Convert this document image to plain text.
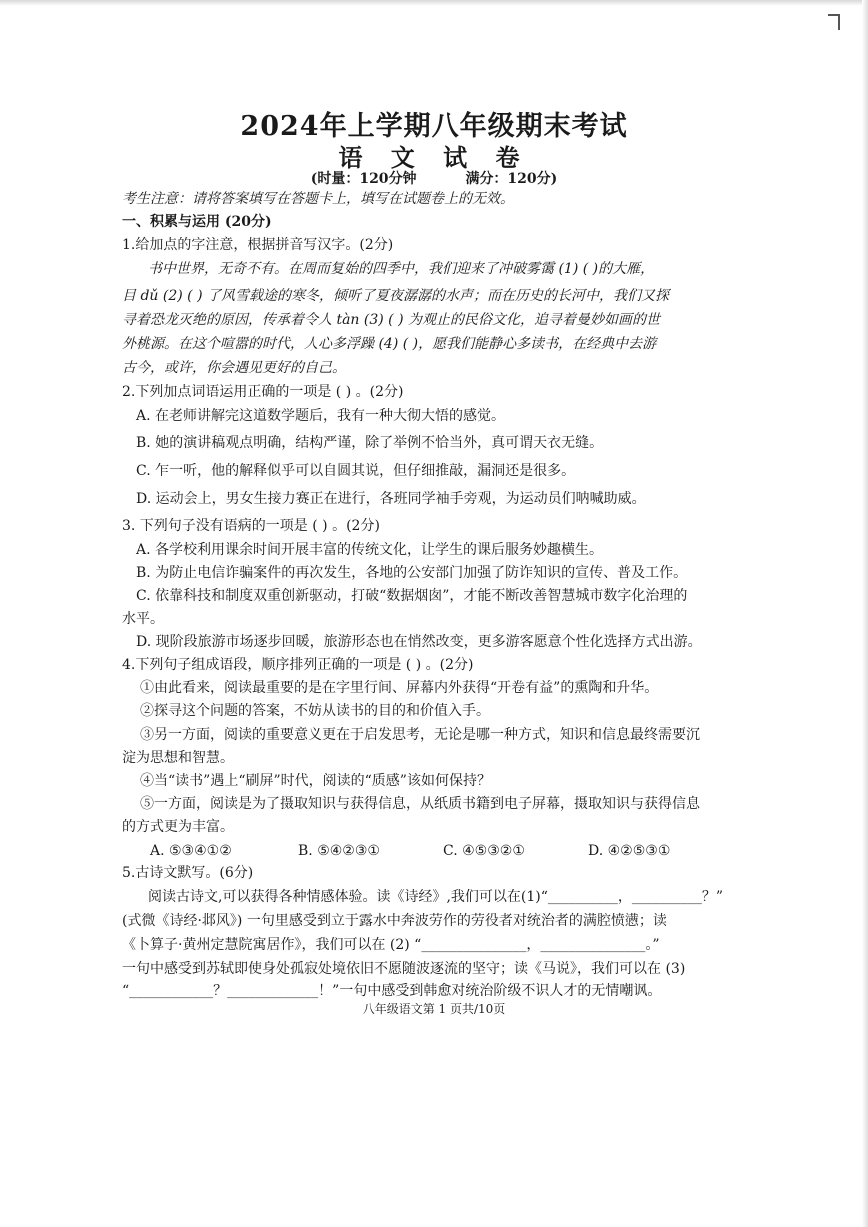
2024年上学期八年级期末考试
语 文 试 卷
(时量：120分钟	满分：120分)
考生注意：请将答案填写在答题卡上，填写在试题卷上的无效。
一、积累与运用 (20分)
1.给加点的字注意，根据拼音写汉字。(2分)
书中世界，无奇不有。在周而复始的四季中，我们迎来了冲破雾霭 (1) ( )的大雁，
目 dǔ (2) ( ) 了风雪载途的寒冬，倾听了夏夜潺潺的水声；而在历史的长河中，我们又探
寻着恐龙灭绝的原因，传承着令人 tàn (3) ( ) 为观止的民俗文化，追寻着曼妙如画的世
外桃源。在这个喧嚣的时代，人心多浮躁 (4) ( )，愿我们能静心多读书，在经典中去游
古今，或许，你会遇见更好的自己。
2.下列加点词语运用正确的一项是 ( ) 。(2分)
A. 在老师讲解完这道数学题后，我有一种大彻大悟的感觉。
B. 她的演讲稿观点明确，结构严谨，除了举例不恰当外，真可谓天衣无缝。
C. 乍一听，他的解释似乎可以自圆其说，但仔细推敲，漏洞还是很多。
D. 运动会上，男女生接力赛正在进行，各班同学袖手旁观，为运动员们呐喊助威。
3. 下列句子没有语病的一项是 ( ) 。(2分)
A. 各学校利用课余时间开展丰富的传统文化，让学生的课后服务妙趣横生。
B. 为防止电信诈骗案件的再次发生，各地的公安部门加强了防诈知识的宣传、普及工作。
C. 依靠科技和制度双重创新驱动，打破“数据烟囱”，才能不断改善智慧城市数字化治理的
水平。
D. 现阶段旅游市场逐步回暖，旅游形态也在悄然改变，更多游客愿意个性化选择方式出游。
4.下列句子组成语段，顺序排列正确的一项是 ( ) 。(2分)
①由此看来，阅读最重要的是在字里行间、屏幕内外获得“开卷有益”的熏陶和升华。
②探寻这个问题的答案，不妨从读书的目的和价值入手。
③另一方面，阅读的重要意义更在于启发思考，无论是哪一种方式，知识和信息最终需要沉
淀为思想和智慧。
④当“读书”遇上“刷屏”时代，阅读的“质感”该如何保持？
⑤一方面，阅读是为了摄取知识与获得信息，从纸质书籍到电子屏幕，摄取知识与获得信息
的方式更为丰富。
A. ⑤③④①②	B. ⑤④②③①	C. ④⑤③②①	D. ④②⑤③①
5.古诗文默写。(6分)
阅读古诗文,可以获得各种情感体验。读《诗经》,我们可以在(1)“__________，__________？”
(式微《诗经·邶风》) 一句里感受到立于露水中奔波劳作的劳役者对统治者的满腔愤懑；读
《卜算子·黄州定慧院寓居作》，我们可以在 (2) “_______________，_______________。”
一句中感受到苏轼即使身处孤寂处境依旧不愿随波逐流的坚守；读《马说》，我们可以在 (3)
“____________？_____________！”一句中感受到韩愈对统治阶级不识人才的无情嘲讽。
八年级语文第 1 页共/10页
